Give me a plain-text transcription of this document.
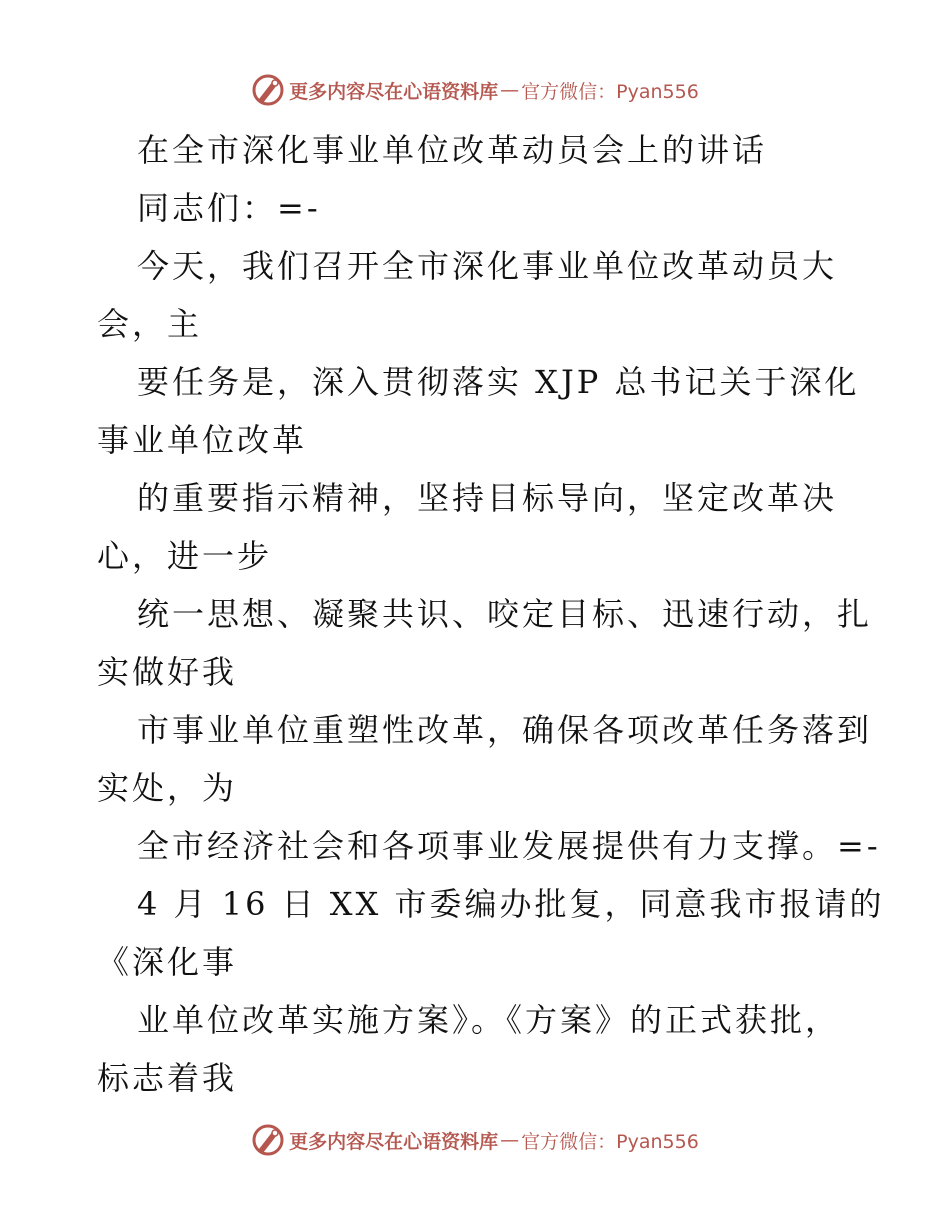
更多内容尽在心语资料库 — 官方微信：Pyan556
在全市深化事业单位改革动员会上的讲话
同志们：=-
今天，我们召开全市深化事业单位改革动员大
会，主
要任务是，深入贯彻落实 XJP 总书记关于深化
事业单位改革
的重要指示精神，坚持目标导向，坚定改革决
心，进一步
统一思想、凝聚共识、咬定目标、迅速行动，扎
实做好我
市事业单位重塑性改革，确保各项改革任务落到
实处，为
全市经济社会和各项事业发展提供有力支撑。=-
4 月 16 日 XX 市委编办批复，同意我市报请的
《深化事
业单位改革实施方案》。《方案》的正式获批，
标志着我
更多内容尽在心语资料库 — 官方微信：Pyan556
